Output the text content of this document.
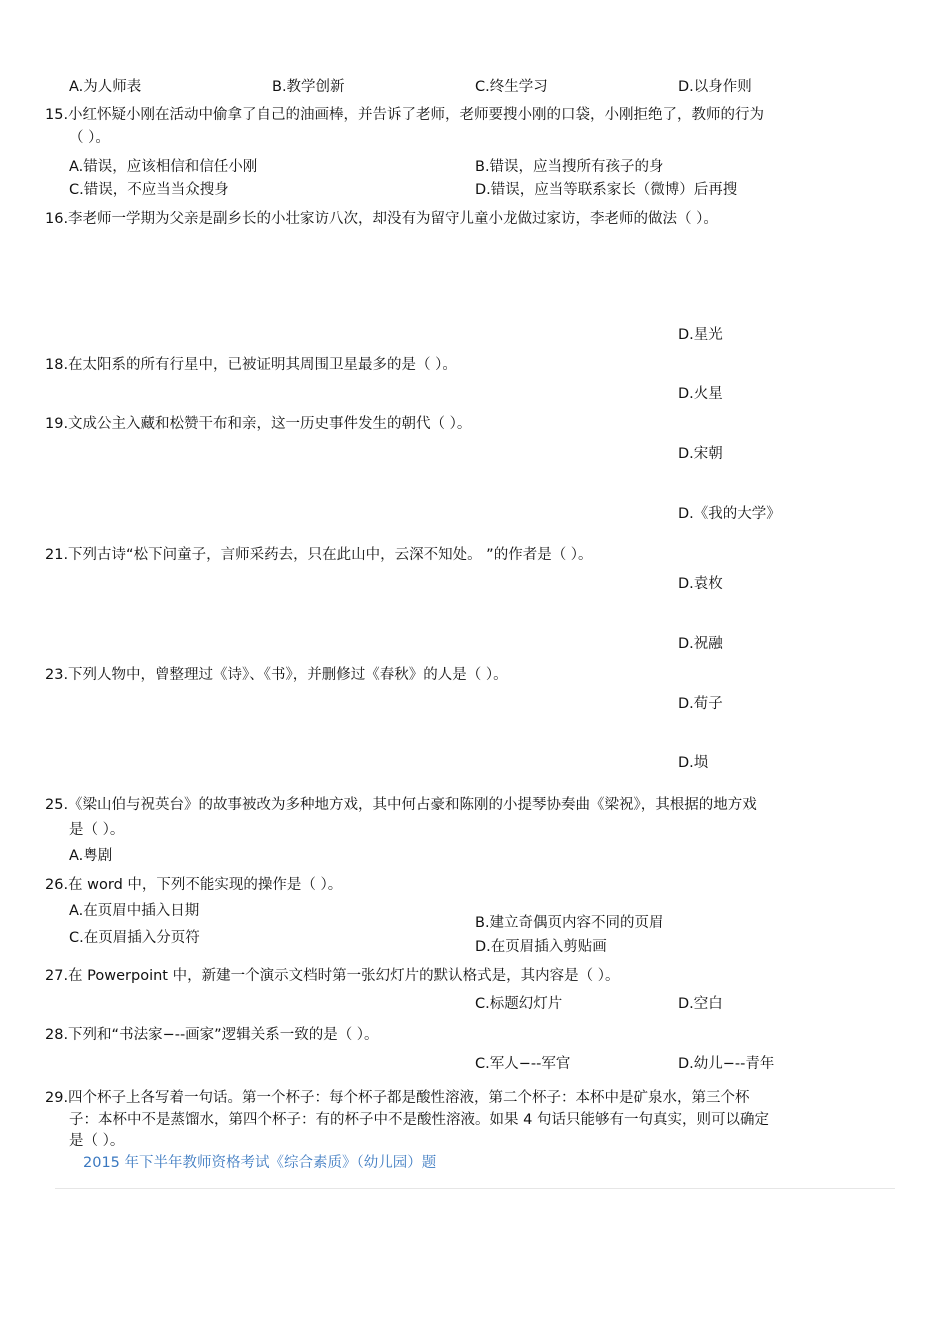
A.为人师表	B.教学创新	C.终生学习	D.以身作则
15.小红怀疑小刚在活动中偷拿了自己的油画棒，并告诉了老师，老师要搜小刚的口袋，小刚拒绝了，教师的行为
（ ）。
A.错误，应该相信和信任小刚	B.错误，应当搜所有孩子的身
C.错误，不应当当众搜身	D.错误，应当等联系家长（微博）后再搜
16.李老师一学期为父亲是副乡长的小壮家访八次，却没有为留守儿童小龙做过家访，李老师的做法（ ）。
D.星光
18.在太阳系的所有行星中，已被证明其周围卫星最多的是（ ）。
D.火星
19.文成公主入藏和松赞干布和亲，这一历史事件发生的朝代（ ）。
D.宋朝
D.《我的大学》
21.下列古诗“松下问童子，言师采药去，只在此山中，云深不知处。 ”的作者是（ ）。
D.袁枚
D.祝融
23.下列人物中，曾整理过《诗》、《书》，并删修过《春秋》的人是（ ）。
D.荀子
D.埙
25.《梁山伯与祝英台》的故事被改为多种地方戏，其中何占豪和陈刚的小提琴协奏曲《梁祝》，其根据的地方戏
是（ ）。
A.粤剧
26.在 word 中，下列不能实现的操作是（ ）。
A.在页眉中插入日期
B.建立奇偶页内容不同的页眉
C.在页眉插入分页符
D.在页眉插入剪贴画
27.在 Powerpoint 中，新建一个演示文档时第一张幻灯片的默认格式是，其内容是（ ）。
C.标题幻灯片	D.空白
28.下列和“书法家−--画家”逻辑关系一致的是（ ）。
C.军人−--军官	D.幼儿−--青年
29.四个杯子上各写着一句话。第一个杯子：每个杯子都是酸性溶液，第二个杯子：本杯中是矿泉水，第三个杯
子：本杯中不是蒸馏水，第四个杯子：有的杯子中不是酸性溶液。如果 4 句话只能够有一句真实，则可以确定
是（ ）。
2015 年下半年教师资格考试《综合素质》（幼儿园）题
